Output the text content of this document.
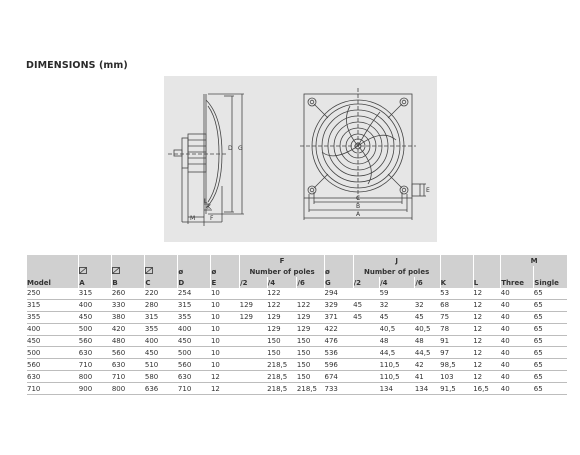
DIMENSIONS (mm)
D G
L
K
M F
C
B
A
E
						F				J					M	

	ø	ø	Number of poles			ø	Number of poles						
Model	A	B	C	D	E	/2	/4	/6	G	/2	/4	/6	K	L	Three	Single
250	315	260	220	254	10		122		294		59		53	12	40	65
315	400	330	280	315	10	129	122	122	329	45	32	32	68	12	40	65
355	450	380	315	355	10	129	129	129	371	45	45	45	75	12	40	65
400	500	420	355	400	10		129	129	422		40,5	40,5	78	12	40	65
450	560	480	400	450	10		150	150	476		48	48	91	12	40	65
500	630	560	450	500	10		150	150	536		44,5	44,5	97	12	40	65
560	710	630	510	560	10		218,5	150	596		110,5	42	98,5	12	40	65
630	800	710	580	630	12		218,5	150	674		110,5	41	103	12	40	65
710	900	800	636	710	12		218,5	218,5	733		134	134	91,5	16,5	40	65
